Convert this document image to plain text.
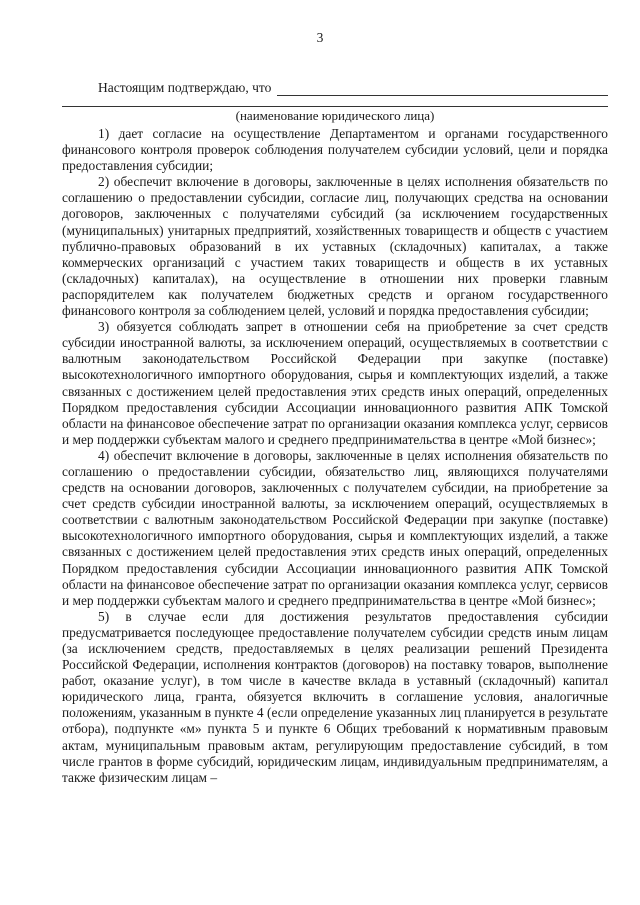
3
Настоящим подтверждаю, что
(наименование юридического лица)

1) дает согласие на осуществление Департаментом и органами государственного финансового контроля проверок соблюдения получателем субсидии условий, цели и порядка предоставления субсидии;

2) обеспечит включение в договоры, заключенные в целях исполнения обязательств по соглашению о предоставлении субсидии, согласие лиц, получающих средства на основании договоров, заключенных с получателями субсидий (за исключением государственных (муниципальных) унитарных предприятий, хозяйственных товариществ и обществ с участием публично-правовых образований в их уставных (складочных) капиталах, а также коммерческих организаций с участием таких товариществ и обществ в их уставных (складочных) капиталах), на осуществление в отношении них проверки главным распорядителем как получателем бюджетных средств и органом государственного финансового контроля за соблюдением целей, условий и порядка предоставления субсидии;

3) обязуется соблюдать запрет в отношении себя на приобретение за счет средств субсидии иностранной валюты, за исключением операций, осуществляемых в соответствии с валютным законодательством Российской Федерации при закупке (поставке) высокотехнологичного импортного оборудования, сырья и комплектующих изделий, а также связанных с достижением целей предоставления этих средств иных операций, определенных Порядком предоставления субсидии Ассоциации инновационного развития АПК Томской области на финансовое обеспечение затрат по организации оказания комплекса услуг, сервисов и мер поддержки субъектам малого и среднего предпринимательства в центре «Мой бизнес»;

4) обеспечит включение в договоры, заключенные в целях исполнения обязательств по соглашению о предоставлении субсидии, обязательство лиц, являющихся получателями средств на основании договоров, заключенных с получателем субсидии, на приобретение за счет средств субсидии иностранной валюты, за исключением операций, осуществляемых в соответствии с валютным законодательством Российской Федерации при закупке (поставке) высокотехнологичного импортного оборудования, сырья и комплектующих изделий, а также связанных с достижением целей предоставления этих средств иных операций, определенных Порядком предоставления субсидии Ассоциации инновационного развития АПК Томской области на финансовое обеспечение затрат по организации оказания комплекса услуг, сервисов и мер поддержки субъектам малого и среднего предпринимательства в центре «Мой бизнес»;

5) в случае если для достижения результатов предоставления субсидии предусматривается последующее предоставление получателем субсидии средств иным лицам (за исключением средств, предоставляемых в целях реализации решений Президента Российской Федерации, исполнения контрактов (договоров) на поставку товаров, выполнение работ, оказание услуг), в том числе в качестве вклада в уставный (складочный) капитал юридического лица, гранта, обязуется включить в соглашение условия, аналогичные положениям, указанным в пункте 4 (если определение указанных лиц планируется в результате отбора), подпункте «м» пункта 5 и пункте 6 Общих требований к нормативным правовым актам, муниципальным правовым актам, регулирующим предоставление субсидий, в том числе грантов в форме субсидий, юридическим лицам, индивидуальным предпринимателям, а также физическим лицам –
